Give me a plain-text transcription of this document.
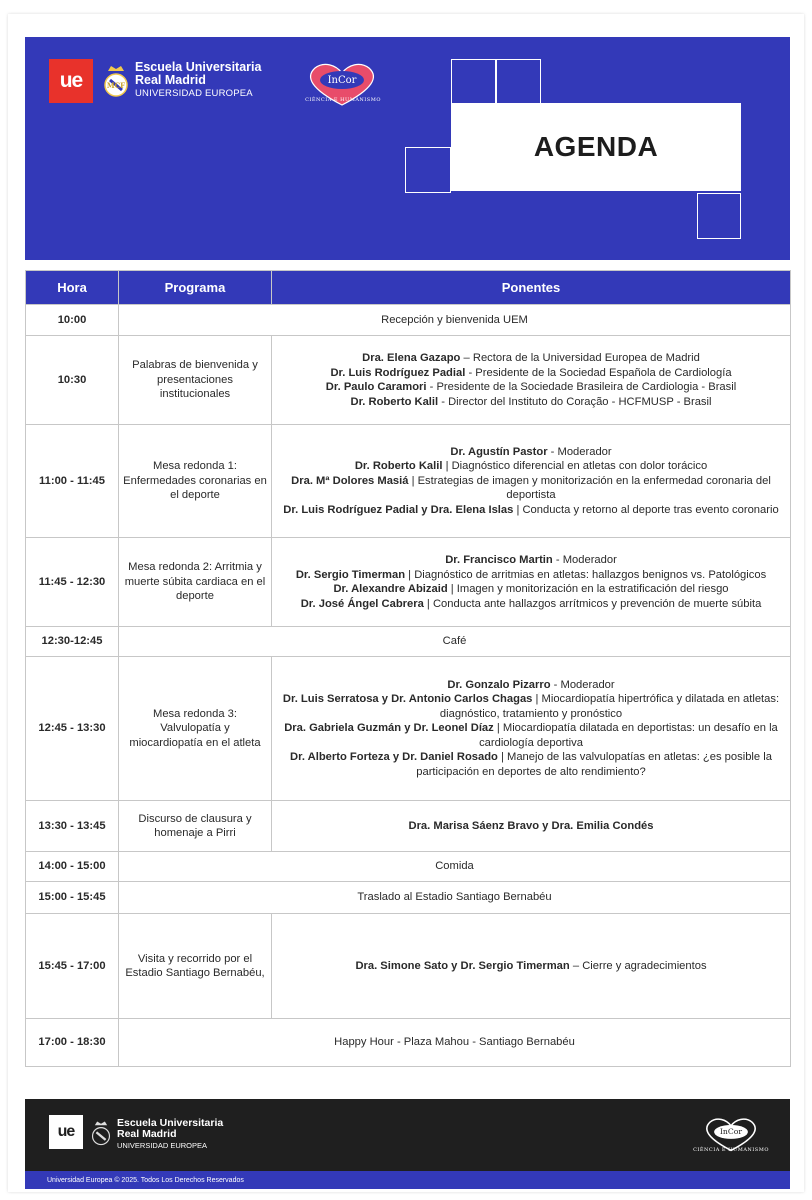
ue	MCF
Escuela Universitaria
Real Madrid
UNIVERSIDAD EUROPEA
InCor
CIÊNCIA E HUMANISMO
AGENDA
Hora	Programa	Ponentes
10:00	Recepción y bienvenida UEM	
10:30	Palabras de bienvenida y presentaciones institucionales	Dra. Elena Gazapo – Rectora de la Universidad Europea de Madrid

Dr. Luis Rodríguez Padial - Presidente de la Sociedad Española de Cardiología

Dr. Paulo Caramori - Presidente de la Sociedade Brasileira de Cardiologia - Brasil

Dr. Roberto Kalil - Director del Instituto do Coração - HCFMUSP - Brasil

11:00 - 11:45	Mesa redonda 1: Enfermedades coronarias en el deporte	Dr. Agustín Pastor - Moderador

Dr. Roberto Kalil | Diagnóstico diferencial en atletas con dolor torácico

Dra. Mª Dolores Masiá | Estrategias de imagen y monitorización en la enfermedad coronaria del deportista

Dr. Luis Rodríguez Padial y Dra. Elena Islas | Conducta y retorno al deporte tras evento coronario

11:45 - 12:30	Mesa redonda 2: Arritmia y muerte súbita cardiaca en el deporte	Dr. Francisco Martin - Moderador

Dr. Sergio Timerman | Diagnóstico de arritmias en atletas: hallazgos benignos vs. Patológicos

Dr. Alexandre Abizaid | Imagen y monitorización en la estratificación del riesgo

Dr. José Ángel Cabrera | Conducta ante hallazgos arrítmicos y prevención de muerte súbita

12:30-12:45	Café	
12:45 - 13:30	Mesa redonda 3: Valvulopatía y miocardiopatía en el atleta	Dr. Gonzalo Pizarro - Moderador

Dr. Luis Serratosa y Dr. Antonio Carlos Chagas | Miocardiopatía hipertrófica y dilatada en atletas: diagnóstico, tratamiento y pronóstico

Dra. Gabriela Guzmán y Dr. Leonel Díaz | Miocardiopatía dilatada en deportistas: un desafío en la cardiología deportiva

Dr. Alberto Forteza y Dr. Daniel Rosado | Manejo de las valvulopatías en atletas: ¿es posible la participación en deportes de alto rendimiento?

13:30 - 13:45	Discurso de clausura y homenaje a Pirri	Dra. Marisa Sáenz Bravo y Dra. Emilia Condés

14:00 - 15:00	Comida	
15:00 - 15:45	Traslado al Estadio Santiago Bernabéu	
15:45 - 17:00	Visita y recorrido por el Estadio Santiago Bernabéu,	Dra. Simone Sato y Dr. Sergio Timerman – Cierre y agradecimientos

17:00 - 18:30	Happy Hour - Plaza Mahou - Santiago Bernabéu	
ue	Escuela Universitaria
Real Madrid
UNIVERSIDAD EUROPEA
InCor
CIÊNCIA E HUMANISMO
Universidad Europea © 2025. Todos Los Derechos Reservados
